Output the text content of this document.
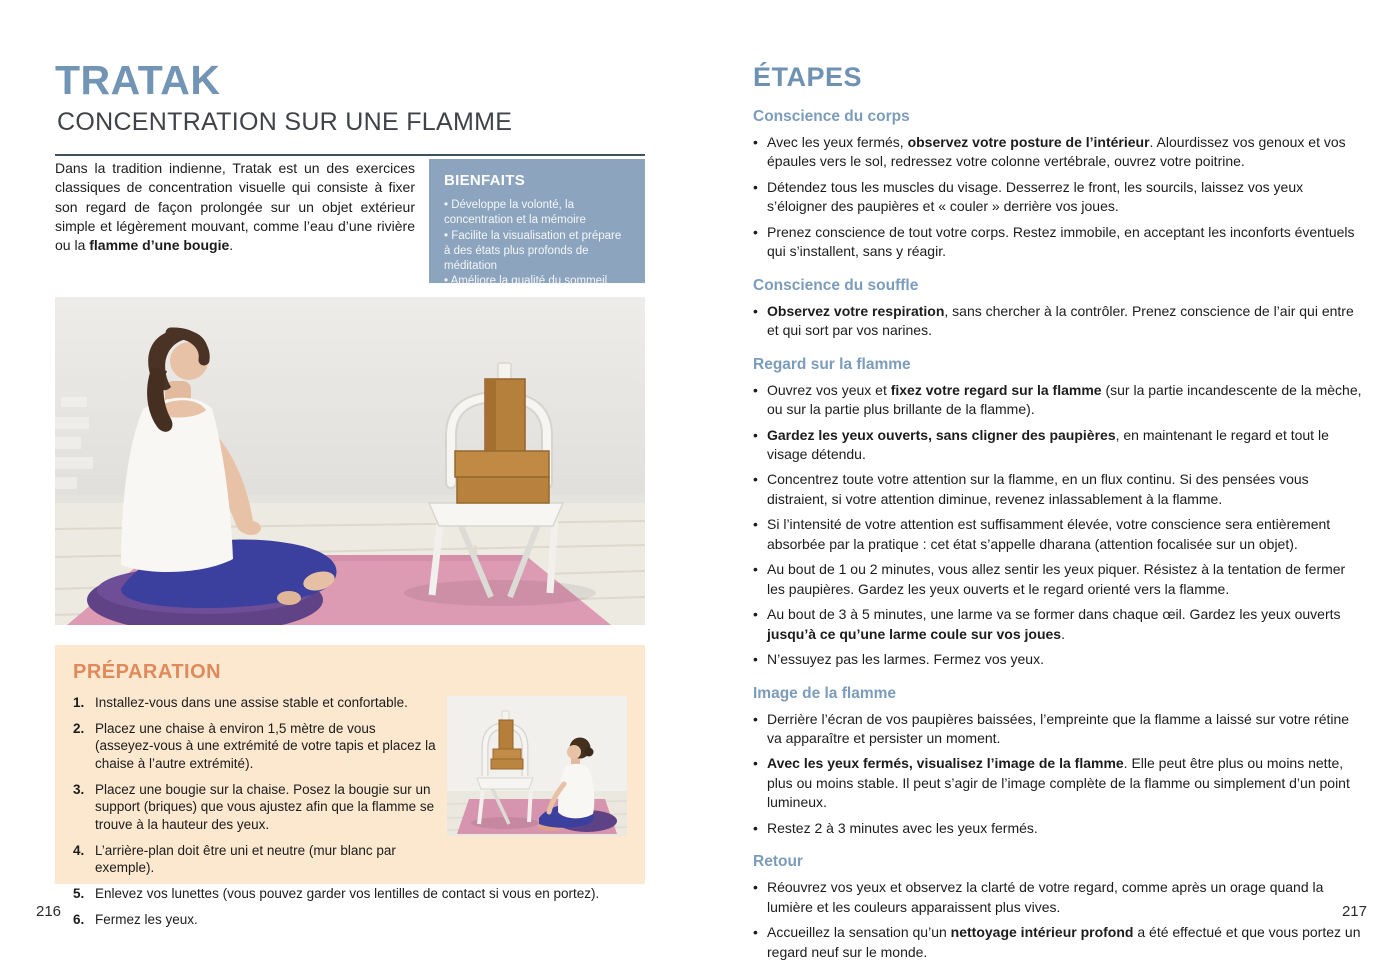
TRATAK
CONCENTRATION SUR UNE FLAMME

Dans la tradition indienne, Tratak est un des exercices classiques de concentration visuelle qui consiste à fixer son regard de façon prolongée sur un objet extérieur simple et légèrement mouvant, comme l’eau d’une rivière ou la flamme d’une bougie.

BIENFAITS
• Développe la volonté, la concentration et la mémoire
• Facilite la visualisation et prépare à des états plus profonds de méditation
• Améliore la qualité du sommeil
PRÉPARATION
1. Installez-vous dans une assise stable et confortable.
2. Placez une chaise à environ 1,5 mètre de vous (asseyez-vous à une extrémité de votre tapis et placez la chaise à l’autre extrémité).
3. Placez une bougie sur la chaise. Posez la bougie sur un support (briques) que vous ajustez afin que la flamme se trouve à la hauteur des yeux.
4. L’arrière-plan doit être uni et neutre (mur blanc par exemple).
5. Enlevez vos lunettes (vous pouvez garder vos lentilles de contact si vous en portez).
6. Fermez les yeux.
216
ÉTAPES
Conscience du corps
• Avec les yeux fermés, observez votre posture de l’intérieur. Alourdissez vos genoux et vos épaules vers le sol, redressez votre colonne vertébrale, ouvrez votre poitrine.
• Détendez tous les muscles du visage. Desserrez le front, les sourcils, laissez vos yeux s’éloigner des paupières et « couler » derrière vos joues.
• Prenez conscience de tout votre corps. Restez immobile, en acceptant les inconforts éventuels qui s’installent, sans y réagir.
Conscience du souffle
• Observez votre respiration, sans chercher à la contrôler. Prenez conscience de l’air qui entre et qui sort par vos narines.
Regard sur la flamme
• Ouvrez vos yeux et fixez votre regard sur la flamme (sur la partie incandescente de la mèche, ou sur la partie plus brillante de la flamme).
• Gardez les yeux ouverts, sans cligner des paupières, en maintenant le regard et tout le visage détendu.
• Concentrez toute votre attention sur la flamme, en un flux continu. Si des pensées vous distraient, si votre attention diminue, revenez inlassablement à la flamme.
• Si l’intensité de votre attention est suffisamment élevée, votre conscience sera entièrement absorbée par la pratique : cet état s’appelle dharana (attention focalisée sur un objet).
• Au bout de 1 ou 2 minutes, vous allez sentir les yeux piquer. Résistez à la tentation de fermer les paupières. Gardez les yeux ouverts et le regard orienté vers la flamme.
• Au bout de 3 à 5 minutes, une larme va se former dans chaque œil. Gardez les yeux ouverts jusqu’à ce qu’une larme coule sur vos joues.
• N’essuyez pas les larmes. Fermez vos yeux.
Image de la flamme
• Derrière l’écran de vos paupières baissées, l’empreinte que la flamme a laissé sur votre rétine va apparaître et persister un moment.
• Avec les yeux fermés, visualisez l’image de la flamme. Elle peut être plus ou moins nette, plus ou moins stable. Il peut s’agir de l’image complète de la flamme ou simplement d’un point lumineux.
• Restez 2 à 3 minutes avec les yeux fermés.
Retour
• Réouvrez vos yeux et observez la clarté de votre regard, comme après un orage quand la lumière et les couleurs apparaissent plus vives.
• Accueillez la sensation qu’un nettoyage intérieur profond a été effectué et que vous portez un regard neuf sur le monde.
217
